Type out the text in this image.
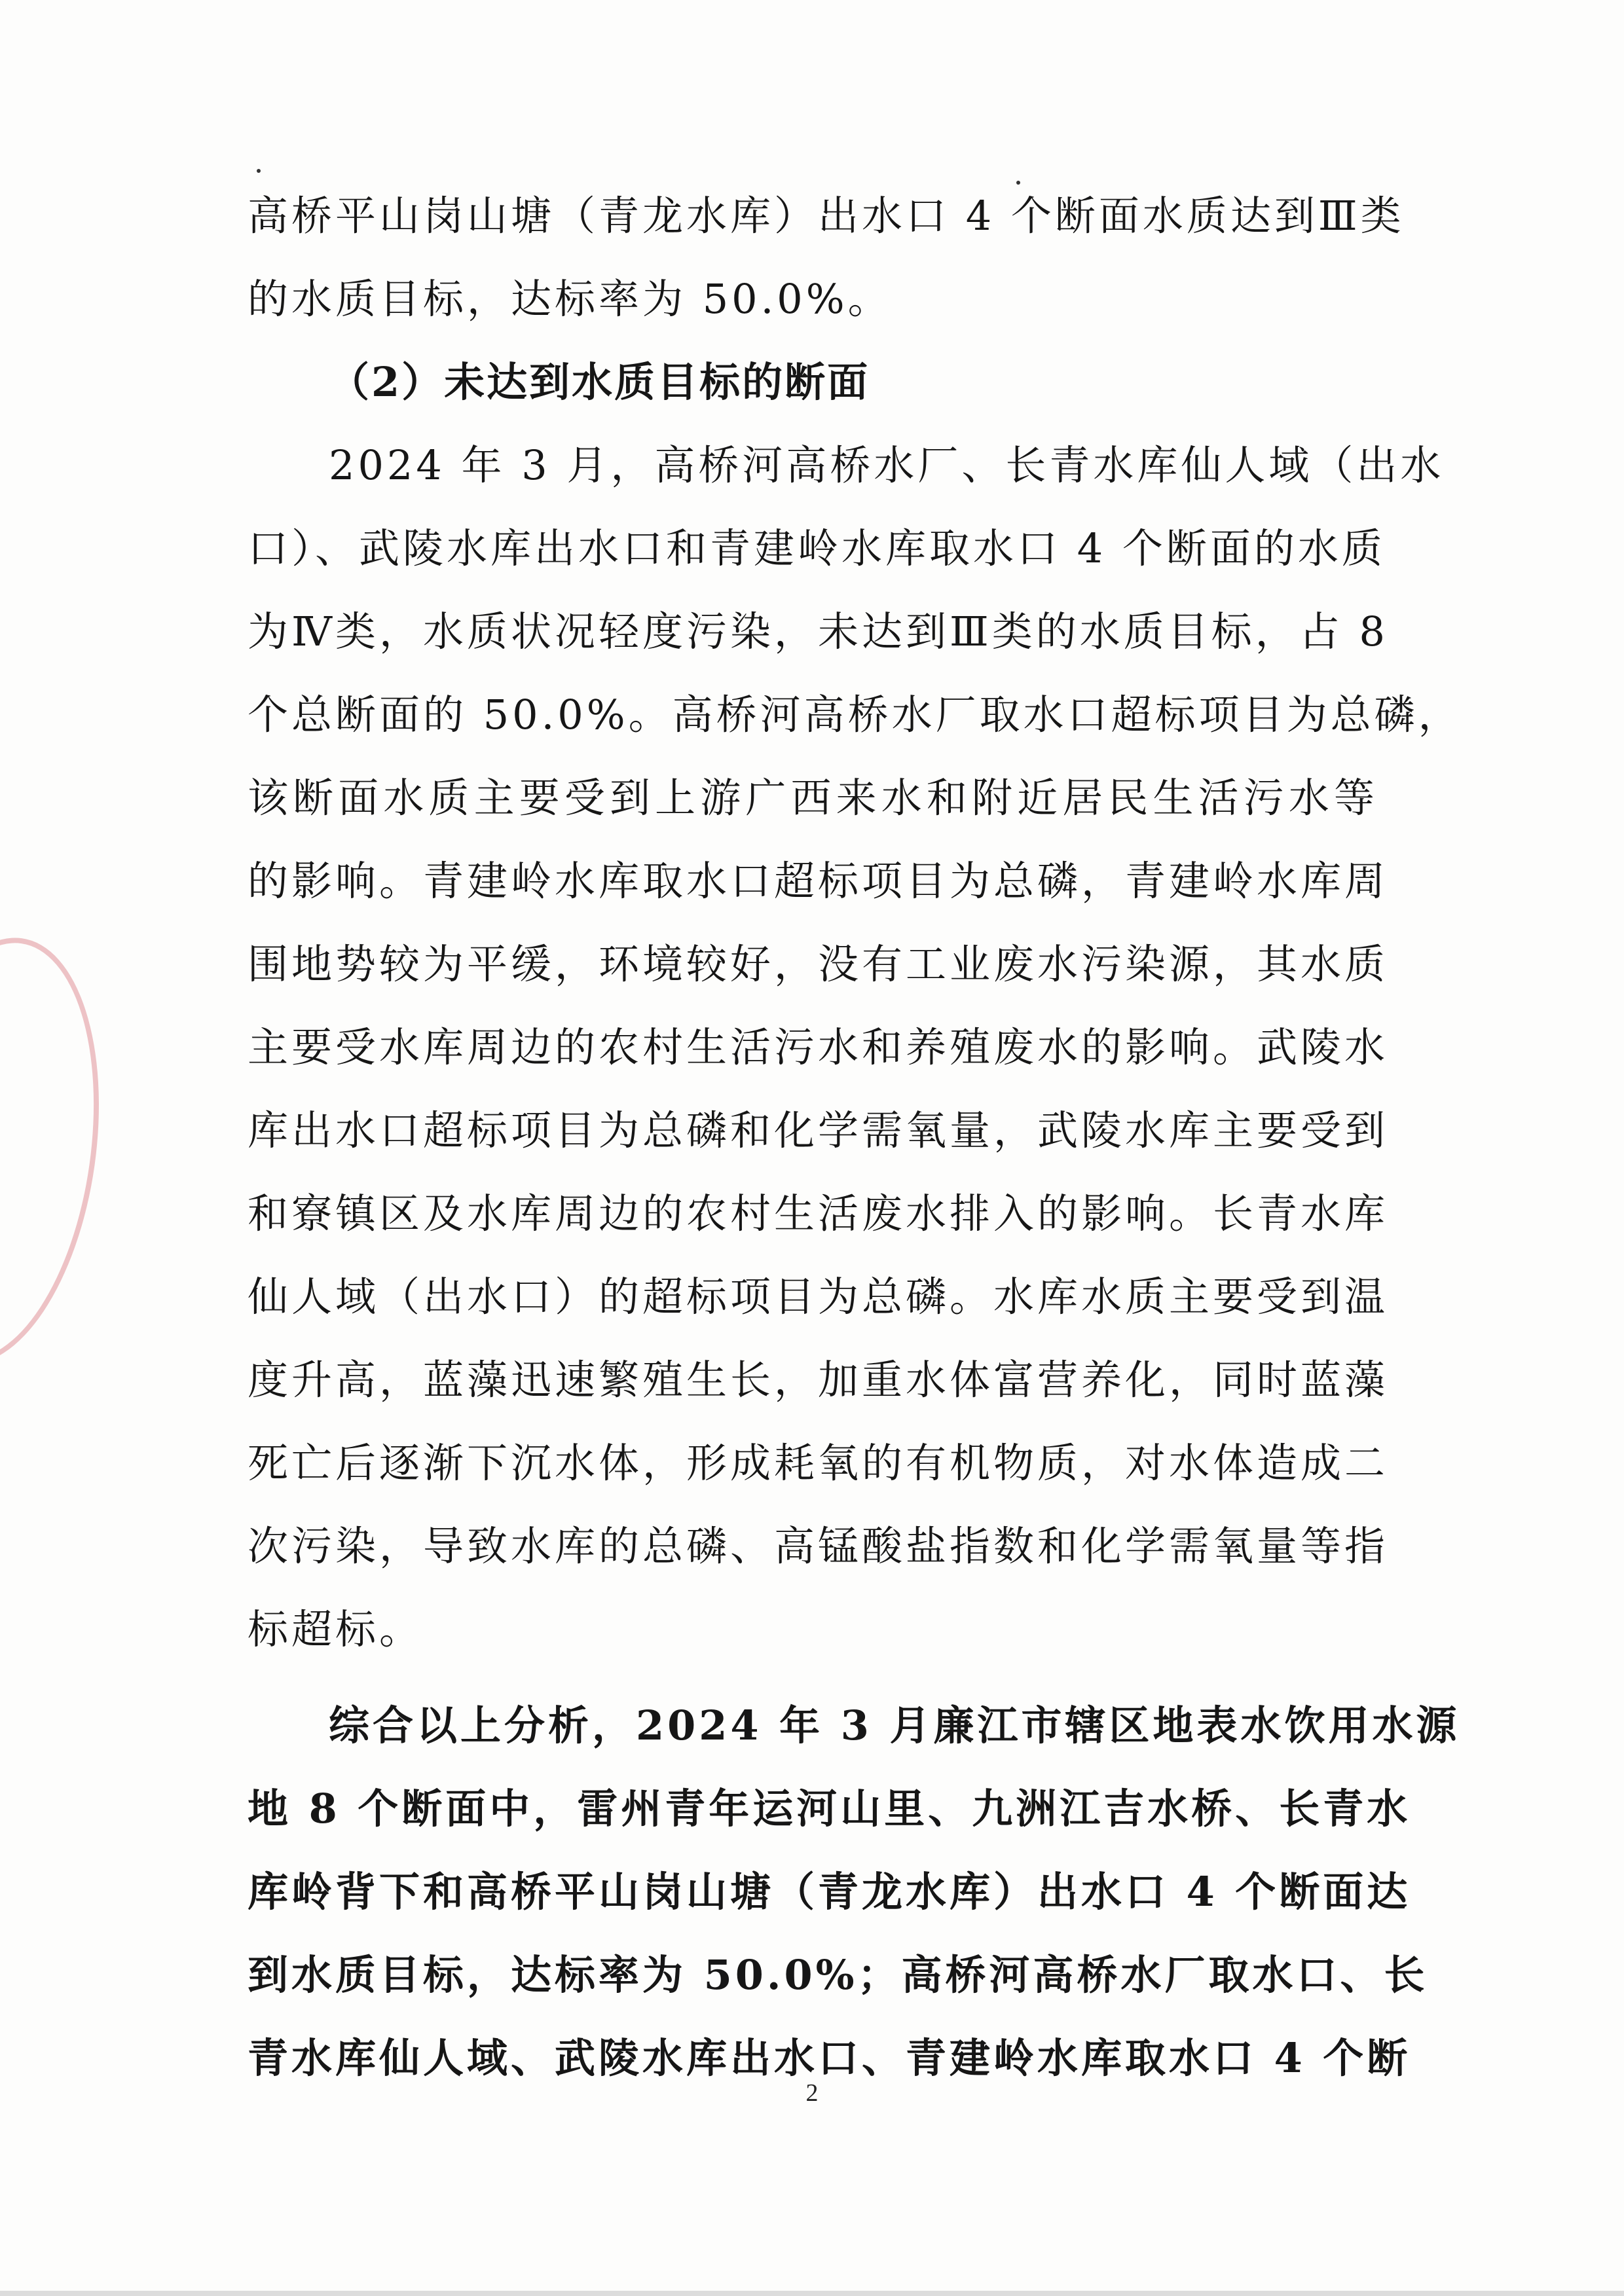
高桥平山岗山塘（青龙水库）出水口 4 个断面水质达到Ⅲ类
的水质目标，达标率为 50.0%。
（2）未达到水质目标的断面
2024 年 3 月，高桥河高桥水厂、长青水库仙人域（出水
口）、武陵水库出水口和青建岭水库取水口 4 个断面的水质
为Ⅳ类，水质状况轻度污染，未达到Ⅲ类的水质目标，占 8
个总断面的 50.0%。高桥河高桥水厂取水口超标项目为总磷，
该断面水质主要受到上游广西来水和附近居民生活污水等
的影响。青建岭水库取水口超标项目为总磷，青建岭水库周
围地势较为平缓，环境较好，没有工业废水污染源，其水质
主要受水库周边的农村生活污水和养殖废水的影响。武陵水
库出水口超标项目为总磷和化学需氧量，武陵水库主要受到
和寮镇区及水库周边的农村生活废水排入的影响。长青水库
仙人域（出水口）的超标项目为总磷。水库水质主要受到温
度升高，蓝藻迅速繁殖生长，加重水体富营养化，同时蓝藻
死亡后逐渐下沉水体，形成耗氧的有机物质，对水体造成二
次污染，导致水库的总磷、高锰酸盐指数和化学需氧量等指
标超标。
综合以上分析，2024 年 3 月廉江市辖区地表水饮用水源
地 8 个断面中，雷州青年运河山里、九洲江吉水桥、长青水
库岭背下和高桥平山岗山塘（青龙水库）出水口 4 个断面达
到水质目标，达标率为 50.0%；高桥河高桥水厂取水口、长
青水库仙人域、武陵水库出水口、青建岭水库取水口 4 个断
2
